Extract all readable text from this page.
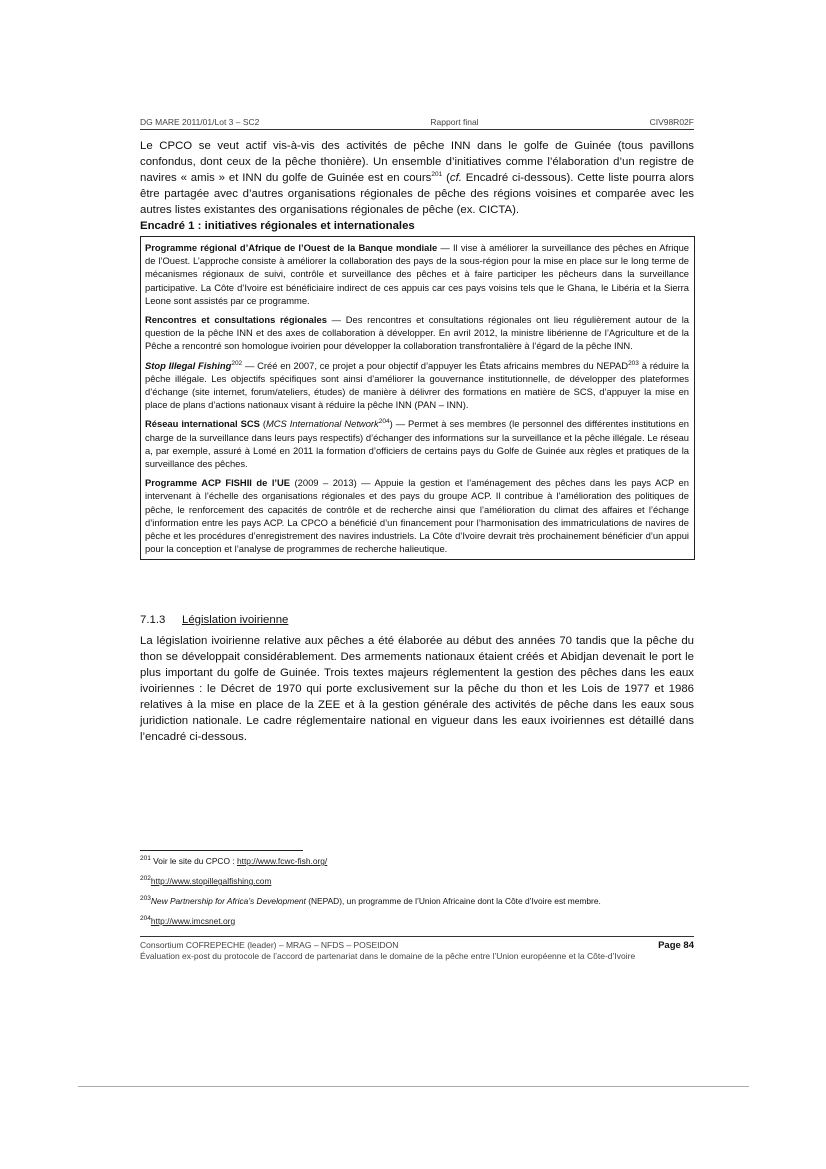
DG MARE 2011/01/Lot 3 – SC2	Rapport final	CIV98R02F

Le CPCO se veut actif vis-à-vis des activités de pêche INN dans le golfe de Guinée (tous pavillons confondus, dont ceux de la pêche thonière). Un ensemble d’initiatives comme l’élaboration d’un registre de navires « amis » et INN du golfe de Guinée est en cours$^{201}$ (cf. Encadré ci-dessous). Cette liste pourra alors être partagée avec d’autres organisations régionales de pêche des régions voisines et comparée avec les autres listes existantes des organisations régionales de pêche (ex. CICTA).

Encadré 1 : initiatives régionales et internationales

Programme régional d’Afrique de l’Ouest de la Banque mondiale — Il vise à améliorer la surveillance des pêches en Afrique de l’Ouest. L’approche consiste à améliorer la collaboration des pays de la sous-région pour la mise en place sur le long terme de mécanismes régionaux de suivi, contrôle et surveillance des pêches et à faire participer les pêcheurs dans la surveillance participative. La Côte d’Ivoire est bénéficiaire indirect de ces appuis car ces pays voisins tels que le Ghana, le Libéria et la Sierra Leone sont assistés par ce programme.

Rencontres et consultations régionales — Des rencontres et consultations régionales ont lieu régulièrement autour de la question de la pêche INN et des axes de collaboration à développer. En avril 2012, la ministre libérienne de l’Agriculture et de la Pêche a rencontré son homologue ivoirien pour développer la collaboration transfrontalière à l’égard de la pêche INN.

Stop Illegal Fishing$^{202}$ — Créé en 2007, ce projet a pour objectif d’appuyer les États africains membres du NEPAD$^{203}$ à réduire la pêche illégale. Les objectifs spécifiques sont ainsi d’améliorer la gouvernance institutionnelle, de développer des plateformes d’échange (site internet, forum/ateliers, études) de manière à délivrer des formations en matière de SCS, d’appuyer la mise en place de plans d’actions nationaux visant à réduire la pêche INN (PAN – INN).

Réseau international SCS (MCS International Network$^{204}$) — Permet à ses membres (le personnel des différentes institutions en charge de la surveillance dans leurs pays respectifs) d’échanger des informations sur la surveillance et la pêche illégale. Le réseau a, par exemple, assuré à Lomé en 2011 la formation d’officiers de certains pays du Golfe de Guinée aux règles et pratiques de la surveillance des pêches.

Programme ACP FISHII de l’UE (2009 – 2013) — Appuie la gestion et l’aménagement des pêches dans les pays ACP en intervenant à l’échelle des organisations régionales et des pays du groupe ACP. Il contribue à l’amélioration des politiques de pêche, le renforcement des capacités de contrôle et de recherche ainsi que l’amélioration du climat des affaires et l’échange d’information entre les pays ACP. La CPCO a bénéficié d’un financement pour l’harmonisation des immatriculations de navires de pêche et les procédures d’enregistrement des navires industriels. La Côte d’Ivoire devrait très prochainement bénéficier d’un appui pour la conception et l’analyse de programmes de recherche halieutique.

7.1.3 Législation ivoirienne

La législation ivoirienne relative aux pêches a été élaborée au début des années 70 tandis que la pêche du thon se développait considérablement. Des armements nationaux étaient créés et Abidjan devenait le port le plus important du golfe de Guinée. Trois textes majeurs réglementent la gestion des pêches dans les eaux ivoiriennes : le Décret de 1970 qui porte exclusivement sur la pêche du thon et les Lois de 1977 et 1986 relatives à la mise en place de la ZEE et à la gestion générale des activités de pêche dans les eaux sous juridiction nationale. Le cadre réglementaire national en vigueur dans les eaux ivoiriennes est détaillé dans l’encadré ci-dessous.

$^{201}$ Voir le site du CPCO : http://www.fcwc-fish.org/
$^{202}$http://www.stopillegalfishing.com
$^{203}$New Partnership for Africa’s Development (NEPAD), un programme de l’Union Africaine dont la Côte d’Ivoire est membre.
$^{204}$http://www.imcsnet.org
Consortium COFREPECHE (leader) – MRAG – NFDS – POSEIDON	Page 84
Évaluation ex-post du protocole de l’accord de partenariat dans le domaine de la pêche entre l’Union européenne et la Côte-d’Ivoire
